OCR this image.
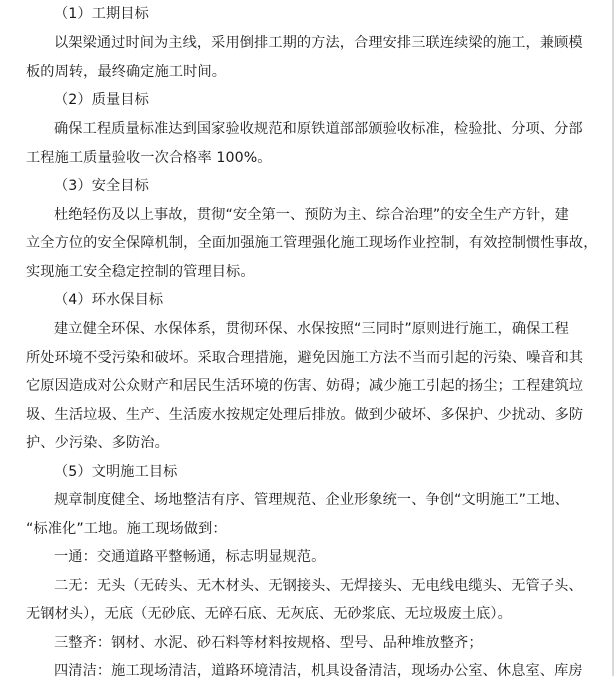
（1）工期目标
以架梁通过时间为主线，采用倒排工期的方法，合理安排三联连续梁的施工，兼顾模
板的周转，最终确定施工时间。
（2）质量目标
确保工程质量标准达到国家验收规范和原铁道部部颁验收标准，检验批、分项、分部
工程施工质量验收一次合格率 100%。
（3）安全目标
杜绝轻伤及以上事故，贯彻“安全第一、预防为主、综合治理”的安全生产方针，建
立全方位的安全保障机制，全面加强施工管理强化施工现场作业控制，有效控制惯性事故，
实现施工安全稳定控制的管理目标。
（4）环水保目标
建立健全环保、水保体系，贯彻环保、水保按照“三同时”原则进行施工，确保工程
所处环境不受污染和破坏。采取合理措施，避免因施工方法不当而引起的污染、噪音和其
它原因造成对公众财产和居民生活环境的伤害、妨碍；减少施工引起的扬尘；工程建筑垃
圾、生活垃圾、生产、生活废水按规定处理后排放。做到少破坏、多保护、少扰动、多防
护、少污染、多防治。
（5）文明施工目标
规章制度健全、场地整洁有序、管理规范、企业形象统一、争创“文明施工”工地、
“标准化”工地。施工现场做到：
一通：交通道路平整畅通，标志明显规范。
二无：无头（无砖头、无木材头、无钢接头、无焊接头、无电线电缆头、无管子头、
无钢材头），无底（无砂底、无碎石底、无灰底、无砂浆底、无垃圾废土底）。
三整齐：钢材、水泥、砂石料等材料按规格、型号、品种堆放整齐；
四清洁：施工现场清洁，道路环境清洁，机具设备清洁，现场办公室、休息室、库房
